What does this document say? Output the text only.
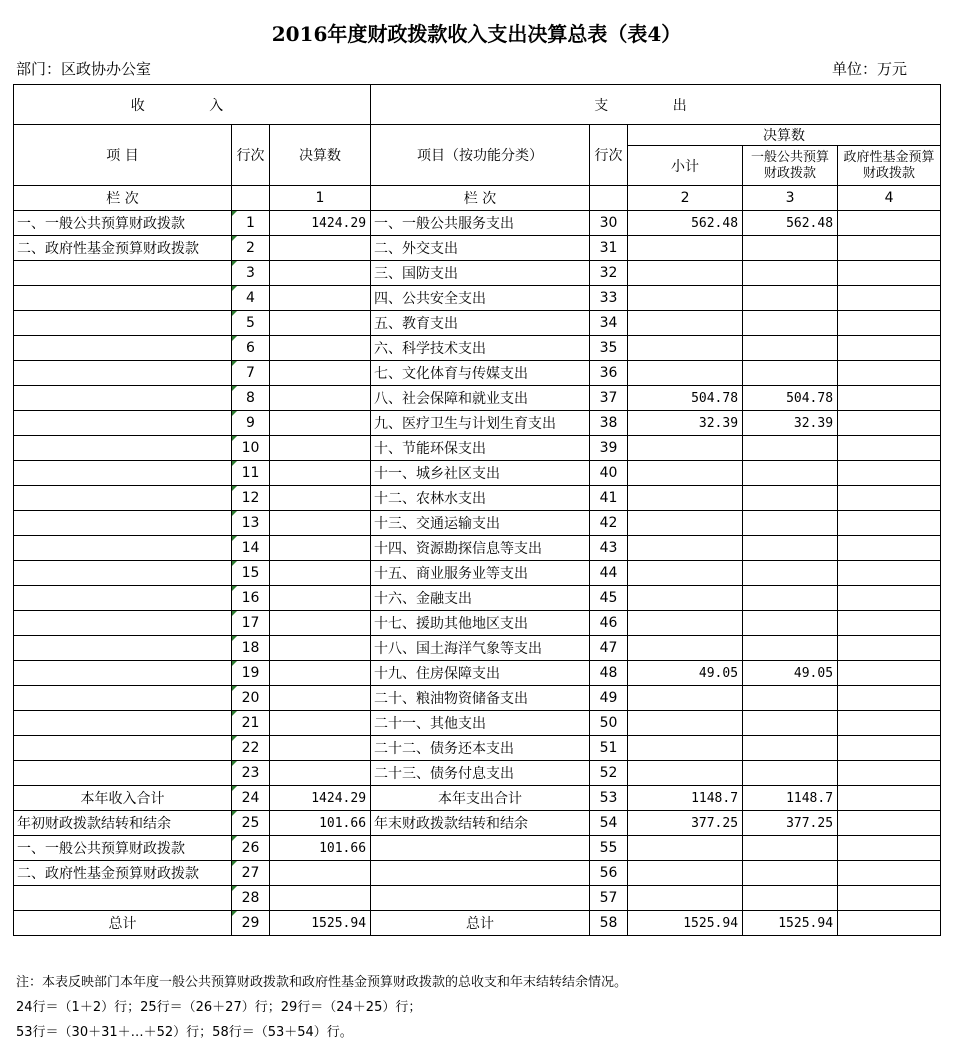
2016年度财政拨款收入支出决算总表（表4）
部门：区政协办公室	单位：万元
收 入			支 出				
项 目	行次	决算数	项目（按功能分类）	行次	决算数		
					小计	一般公共预算财政拨款	政府性基金预算财政拨款
栏 次		1	栏 次		2	3	4
一、一般公共预算财政拨款	1	1424.29	一、一般公共服务支出	30	562.48	562.48	
二、政府性基金预算财政拨款	2		二、外交支出	31			
	3		三、国防支出	32			
	4		四、公共安全支出	33			
	5		五、教育支出	34			
	6		六、科学技术支出	35			
	7		七、文化体育与传媒支出	36			
	8		八、社会保障和就业支出	37	504.78	504.78	
	9		九、医疗卫生与计划生育支出	38	32.39	32.39	
	10		十、节能环保支出	39			
	11		十一、城乡社区支出	40			
	12		十二、农林水支出	41			
	13		十三、交通运输支出	42			
	14		十四、资源勘探信息等支出	43			
	15		十五、商业服务业等支出	44			
	16		十六、金融支出	45			
	17		十七、援助其他地区支出	46			
	18		十八、国土海洋气象等支出	47			
	19		十九、住房保障支出	48	49.05	49.05	
	20		二十、粮油物资储备支出	49			
	21		二十一、其他支出	50			
	22		二十二、债务还本支出	51			
	23		二十三、债务付息支出	52			
本年收入合计	24	1424.29	本年支出合计	53	1148.7	1148.7	
年初财政拨款结转和结余	25	101.66	年末财政拨款结转和结余	54	377.25	377.25	
一、一般公共预算财政拨款	26	101.66		55			
二、政府性基金预算财政拨款	27			56			
	28			57			
总计	29	1525.94	总计	58	1525.94	1525.94	
注：本表反映部门本年度一般公共预算财政拨款和政府性基金预算财政拨款的总收支和年末结转结余情况。
24行＝（1＋2）行；25行＝（26＋27）行；29行＝（24＋25）行；
53行＝（30＋31＋…＋52）行；58行＝（53＋54）行。
